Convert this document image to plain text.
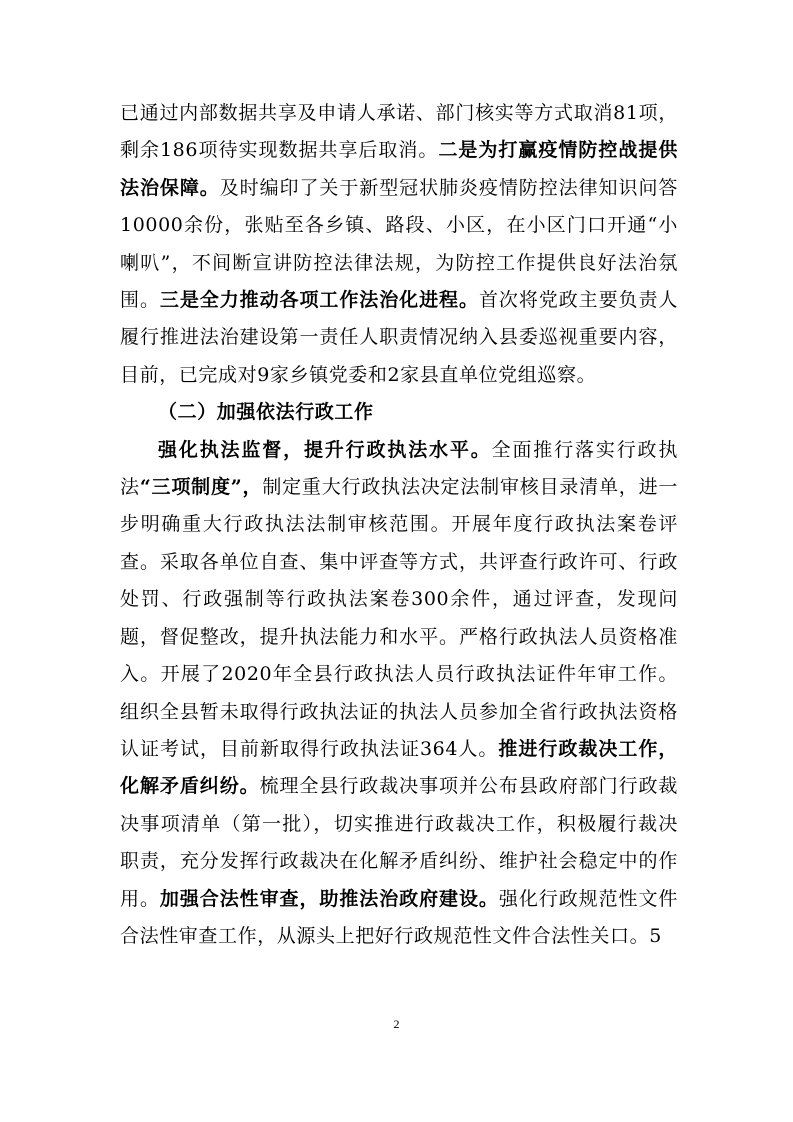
已通过内部数据共享及申请人承诺、部门核实等方式取消81项，剩余186项待实现数据共享后取消。二是为打赢疫情防控战提供法治保障。及时编印了关于新型冠状肺炎疫情防控法律知识问答10000余份，张贴至各乡镇、路段、小区，在小区门口开通“小喇叭”，不间断宣讲防控法律法规，为防控工作提供良好法治氛围。三是全力推动各项工作法治化进程。首次将党政主要负责人履行推进法治建设第一责任人职责情况纳入县委巡视重要内容，目前，已完成对9家乡镇党委和2家县直单位党组巡察。

（二）加强依法行政工作

强化执法监督，提升行政执法水平。全面推行落实行政执法“三项制度”，制定重大行政执法决定法制审核目录清单，进一步明确重大行政执法法制审核范围。开展年度行政执法案卷评查。采取各单位自查、集中评查等方式，共评查行政许可、行政处罚、行政强制等行政执法案卷300余件，通过评查，发现问题，督促整改，提升执法能力和水平。严格行政执法人员资格准入。开展了2020年全县行政执法人员行政执法证件年审工作。组织全县暂未取得行政执法证的执法人员参加全省行政执法资格认证考试，目前新取得行政执法证364人。推进行政裁决工作，化解矛盾纠纷。梳理全县行政裁决事项并公布县政府部门行政裁决事项清单（第一批），切实推进行政裁决工作，积极履行裁决职责，充分发挥行政裁决在化解矛盾纠纷、维护社会稳定中的作用。加强合法性审查，助推法治政府建设。强化行政规范性文件合法性审查工作，从源头上把好行政规范性文件合法性关口。5

2
